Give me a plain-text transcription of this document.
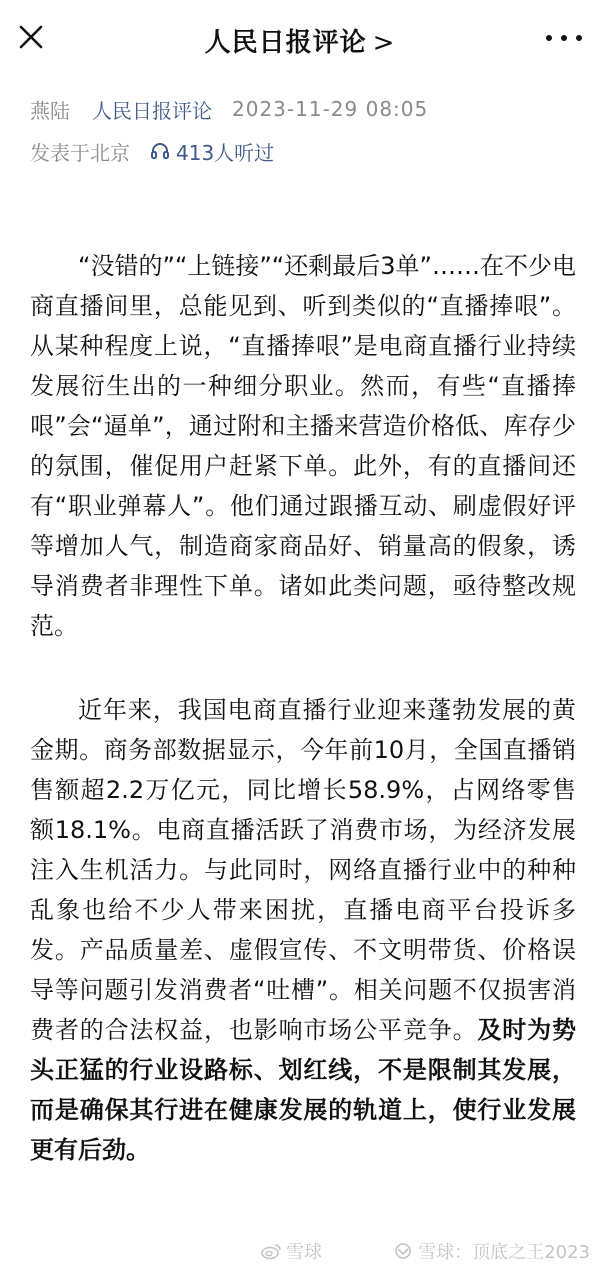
人民日报评论 >
燕陆 人民日报评论 2023-11-29 08:05
发表于北京 413人听过

“没错的”“上链接”“还剩最后3单”……在不少电商直播间里，总能见到、听到类似的“直播捧哏”。从某种程度上说，“直播捧哏”是电商直播行业持续发展衍生出的一种细分职业。然而，有些“直播捧哏”会“逼单”，通过附和主播来营造价格低、库存少的氛围，催促用户赶紧下单。此外，有的直播间还有“职业弹幕人”。他们通过跟播互动、刷虚假好评等增加人气，制造商家商品好、销量高的假象，诱导消费者非理性下单。诸如此类问题，亟待整改规范。

近年来，我国电商直播行业迎来蓬勃发展的黄金期。商务部数据显示，今年前10月，全国直播销售额超2.2万亿元，同比增长58.9%，占网络零售额18.1%。电商直播活跃了消费市场，为经济发展注入生机活力。与此同时，网络直播行业中的种种乱象也给不少人带来困扰，直播电商平台投诉多发。产品质量差、虚假宣传、不文明带货、价格误导等问题引发消费者“吐槽”。相关问题不仅损害消费者的合法权益，也影响市场公平竞争。及时为势头正猛的行业设路标、划红线，不是限制其发展，而是确保其行进在健康发展的轨道上，使行业发展更有后劲。

雪球	雪球：顶底之王2023
